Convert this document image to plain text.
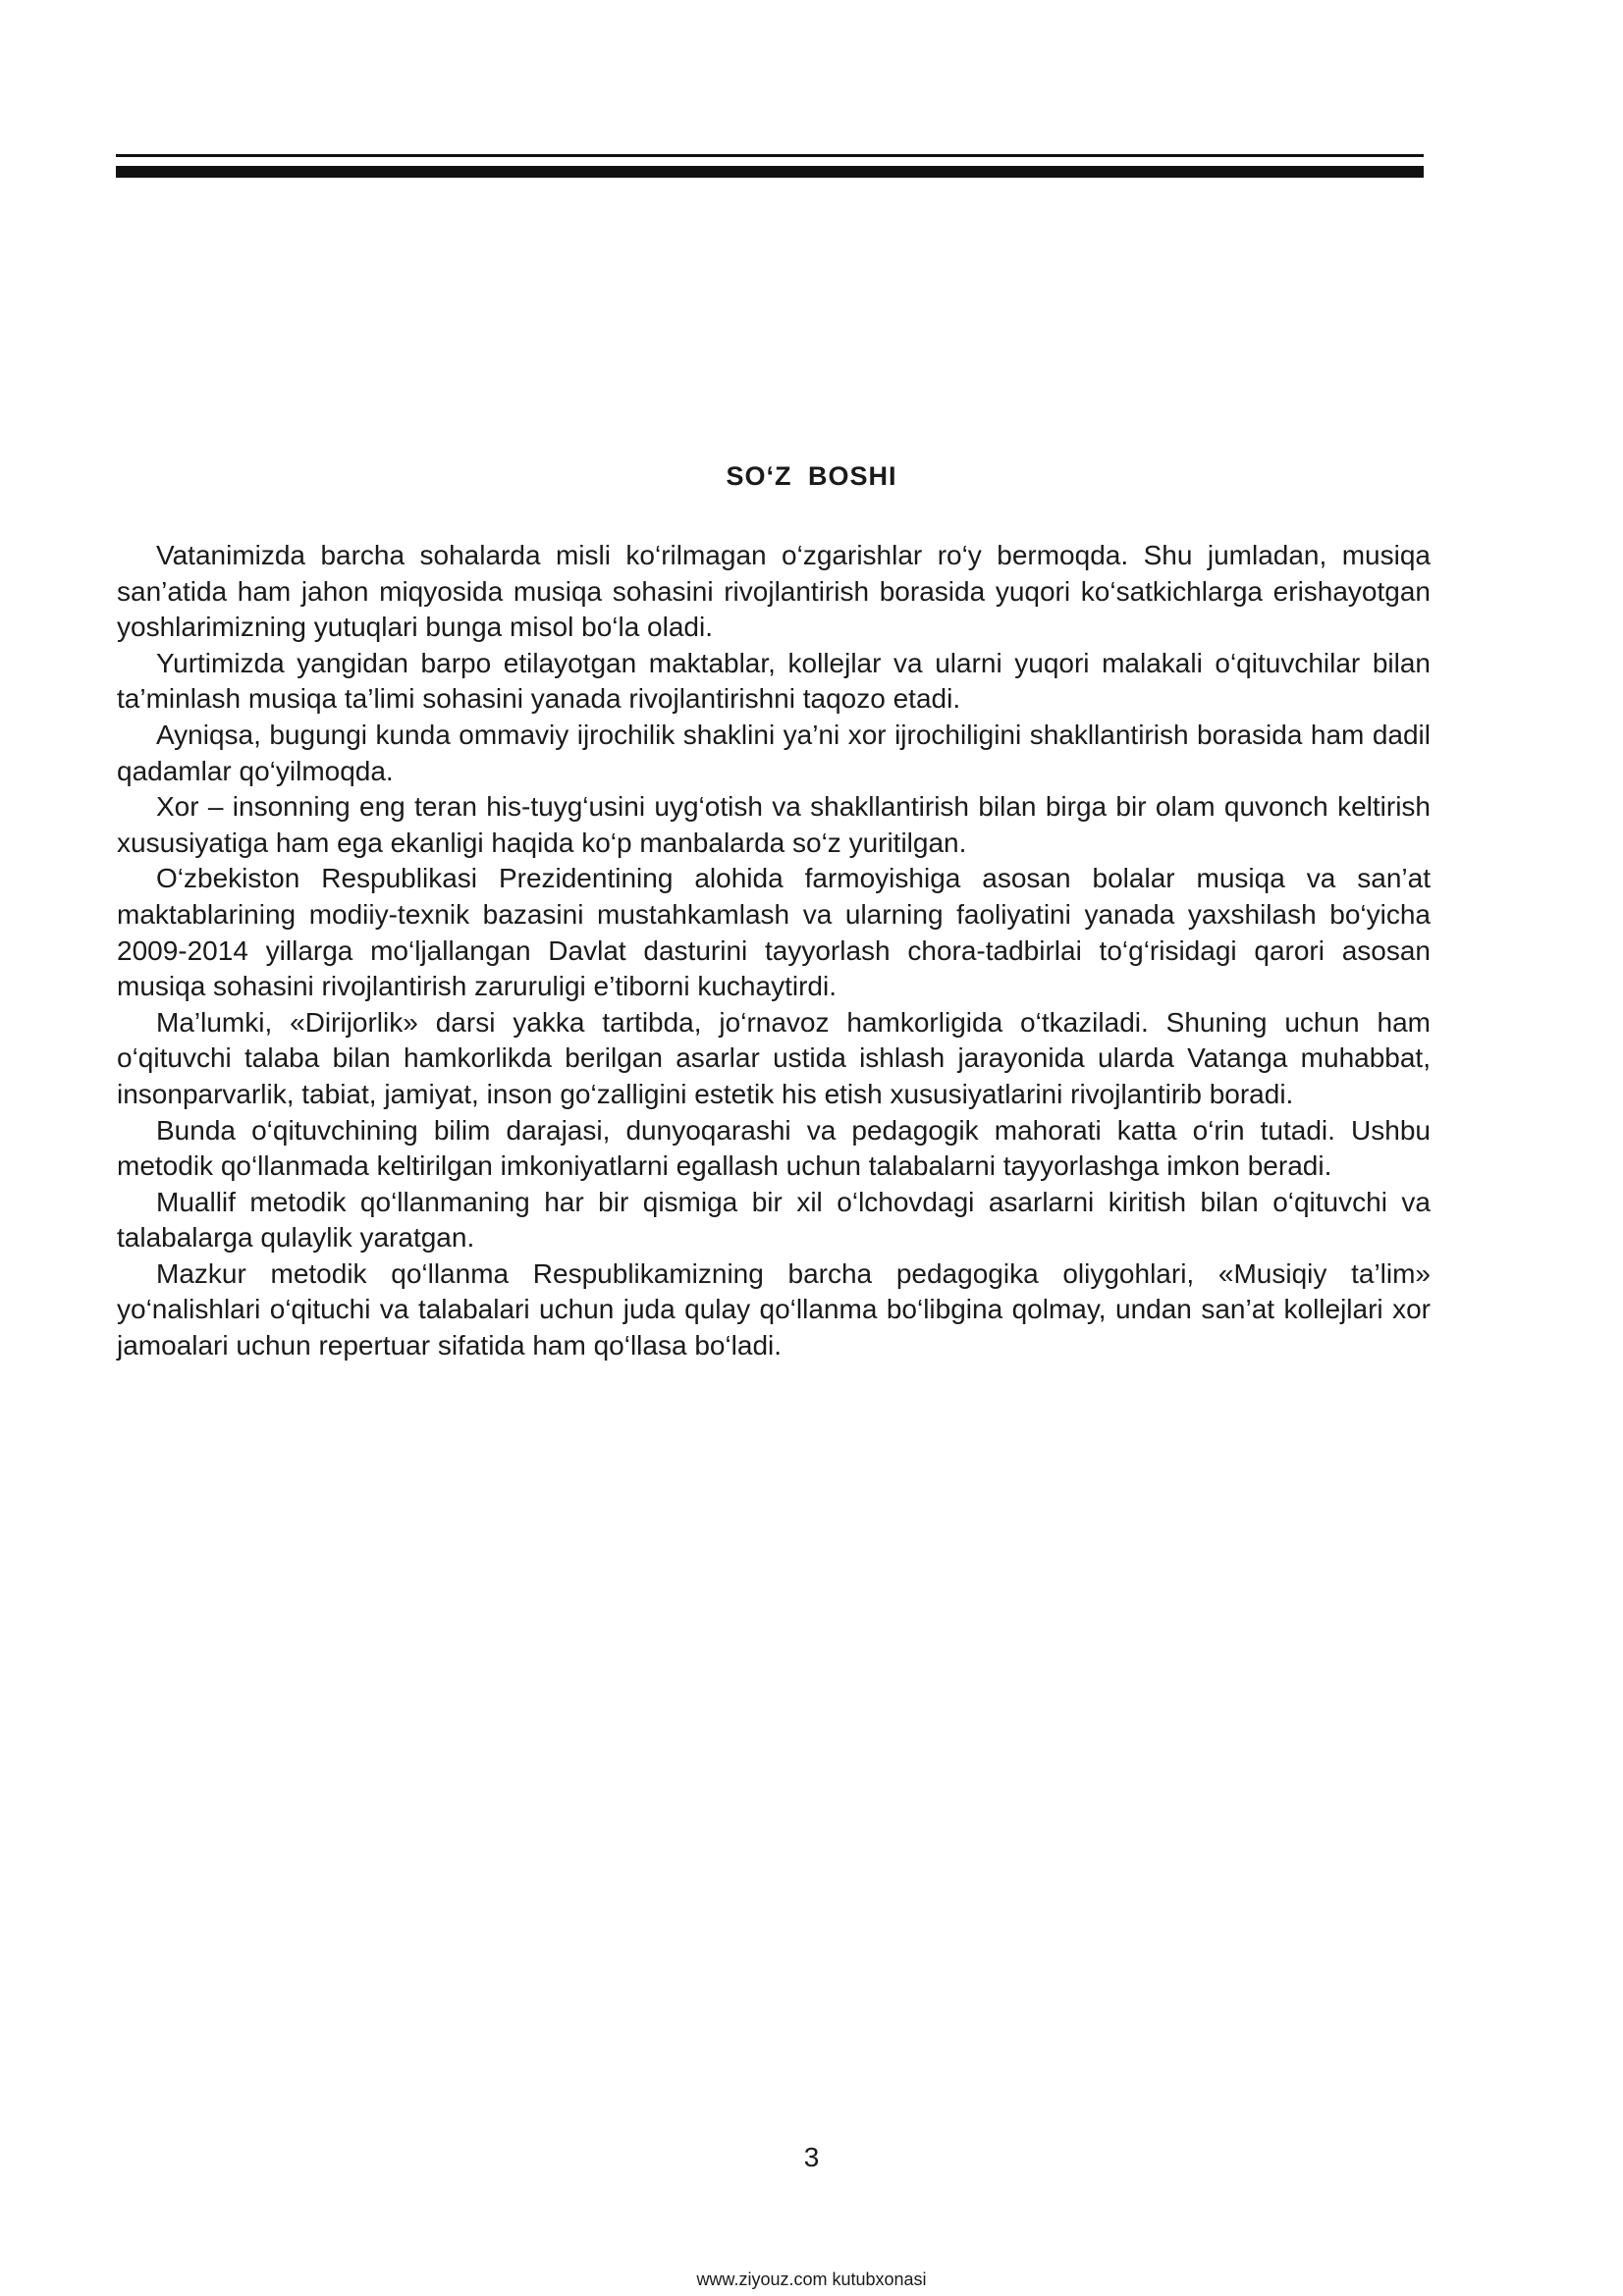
SO‘Z BOSHI

Vatanimizda barcha sohalarda misli ko‘rilmagan o‘zgarishlar ro‘y bermoqda. Shu jumladan, musiqa san’atida ham jahon miqyosida musiqa sohasini rivojlantirish borasida yuqori ko‘satkichlarga erishayotgan yoshlarimizning yutuqlari bunga misol bo‘la oladi.

Yurtimizda yangidan barpo etilayotgan maktablar, kollejlar va ularni yuqori malakali o‘qituvchilar bilan ta’minlash musiqa ta’limi sohasini yanada rivojlantirishni taqozo etadi.

Ayniqsa, bugungi kunda ommaviy ijrochilik shaklini ya’ni xor ijrochiligini shakllantirish borasida ham dadil qadamlar qo‘yilmoqda.

Xor – insonning eng teran his-tuyg‘usini uyg‘otish va shakllantirish bilan birga bir olam quvonch keltirish xususiyatiga ham ega ekanligi haqida ko‘p manbalarda so‘z yuritilgan.

O‘zbekiston Respublikasi Prezidentining alohida farmoyishiga asosan bolalar musiqa va san’at maktablarining modiiy-texnik bazasini mustahkamlash va ularning faoliyatini yanada yaxshilash bo‘yicha 2009-2014 yillarga mo‘ljallangan Davlat dasturini tayyorlash chora-tadbirlai to‘g‘risidagi qarori asosan musiqa sohasini rivojlantirish zaruruligi e’tiborni kuchaytirdi.

Ma’lumki, «Dirijorlik» darsi yakka tartibda, jo‘rnavoz hamkorligida o‘tkaziladi. Shuning uchun ham o‘qituvchi talaba bilan hamkorlikda berilgan asarlar ustida ishlash jarayonida ularda Vatanga muhabbat, insonparvarlik, tabiat, jamiyat, inson go‘zalligini estetik his etish xususiyatlarini rivojlantirib boradi.

Bunda o‘qituvchining bilim darajasi, dunyoqarashi va pedagogik mahorati katta o‘rin tutadi. Ushbu metodik qo‘llanmada keltirilgan imkoniyatlarni egallash uchun talabalarni tayyorlashga imkon beradi.

Muallif metodik qo‘llanmaning har bir qismiga bir xil o‘lchovdagi asarlarni kiritish bilan o‘qituvchi va talabalarga qulaylik yaratgan.

Mazkur metodik qo‘llanma Respublikamizning barcha pedagogika oliygohlari, «Musiqiy ta’lim» yo‘nalishlari o‘qituchi va talabalari uchun juda qulay qo‘llanma bo‘libgina qolmay, undan san’at kollejlari xor jamoalari uchun repertuar sifatida ham qo‘llasa bo‘ladi.

3
www.ziyouz.com kutubxonasi
